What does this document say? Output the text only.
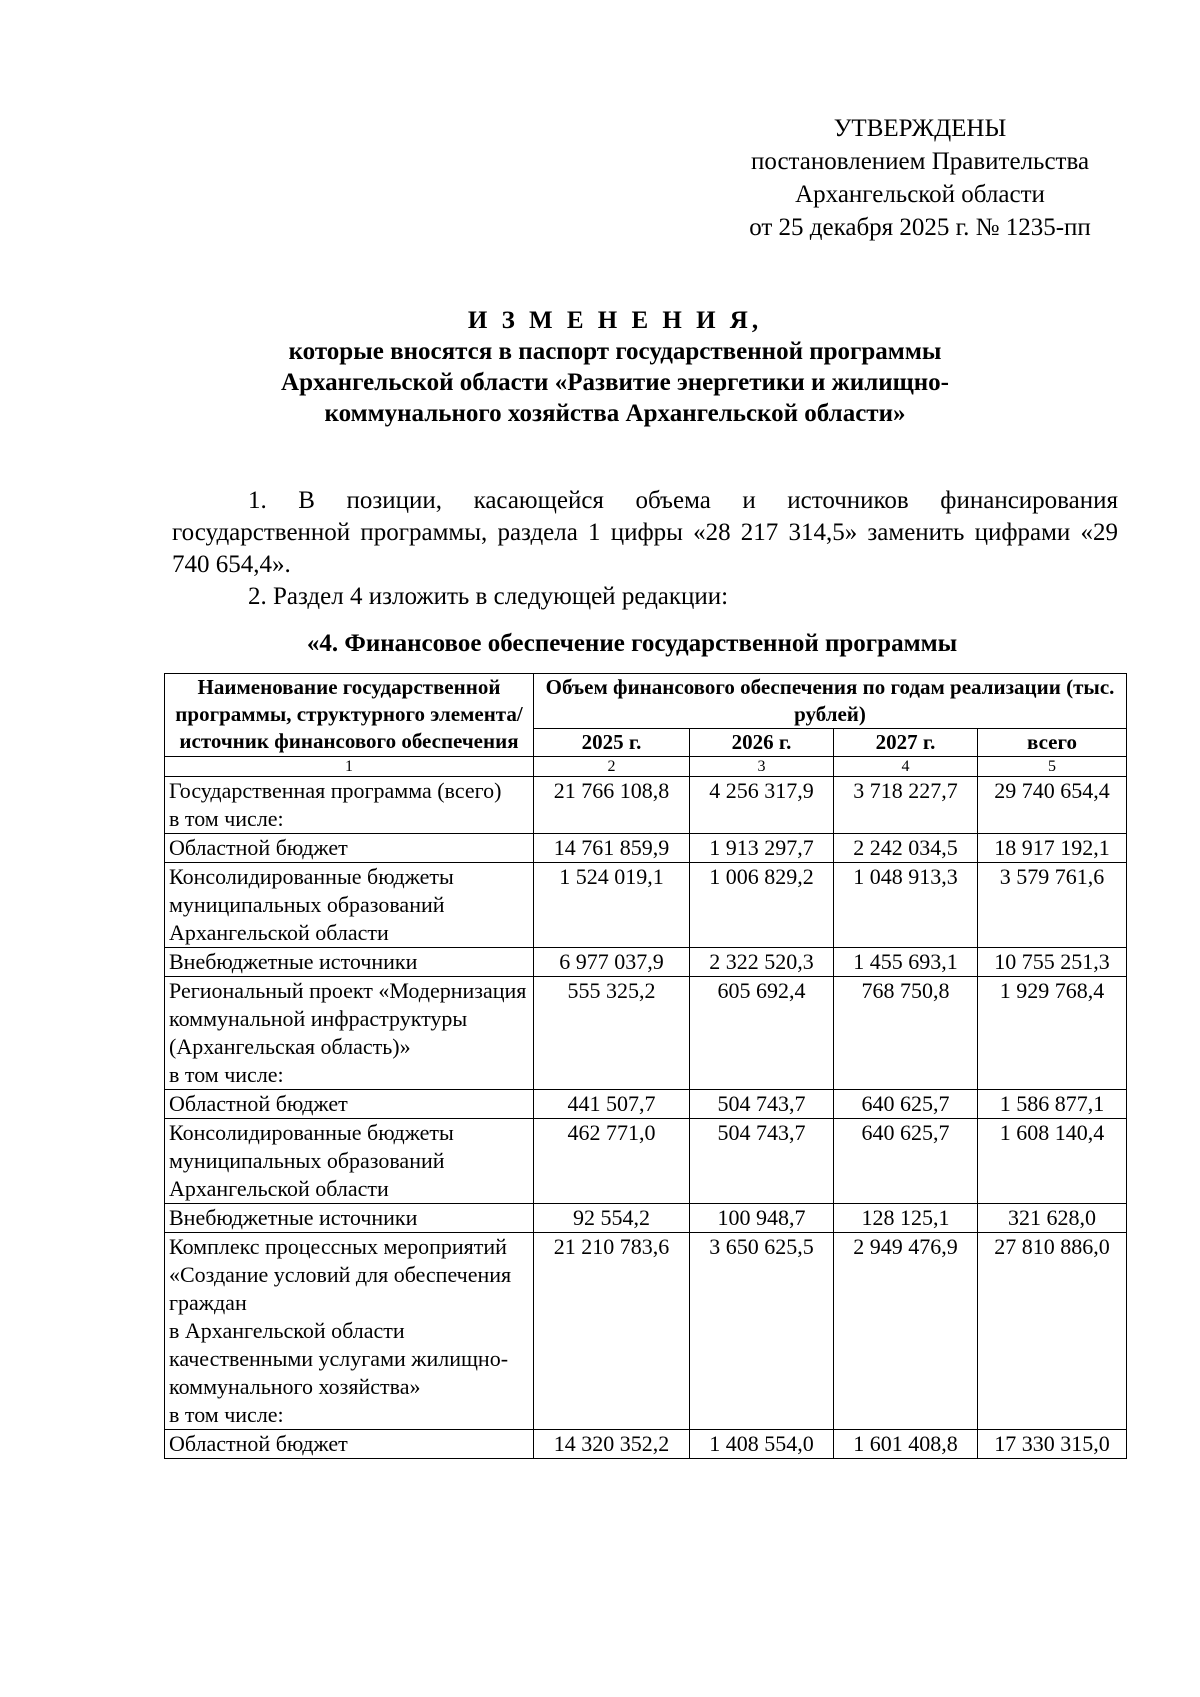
УТВЕРЖДЕНЫ
постановлением Правительства
Архангельской области
от 25 декабря 2025 г. № 1235-пп
И З М Е Н Е Н И Я,
которые вносятся в паспорт государственной программы
Архангельской области «Развитие энергетики и жилищно-
коммунального хозяйства Архангельской области»

1. В позиции, касающейся объема и источников финансирования государственной программы, раздела 1 цифры «28 217 314,5» заменить цифрами «29 740 654,4».

2. Раздел 4 изложить в следующей редакции:

«4. Финансовое обеспечение государственной программы
Наименование государственной программы, структурного элемента/источник финансового обеспечения	Объем финансового обеспечения по годам реализации (тыс. рублей)			
	2025 г.	2026 г.	2027 г.	всего
1	2	3	4	5
Государственная программа (всего)
в том числе:	21 766 108,8	4 256 317,9	3 718 227,7	29 740 654,4
Областной бюджет	14 761 859,9	1 913 297,7	2 242 034,5	18 917 192,1
Консолидированные бюджеты муниципальных образований Архангельской области	1 524 019,1	1 006 829,2	1 048 913,3	3 579 761,6
Внебюджетные источники	6 977 037,9	2 322 520,3	1 455 693,1	10 755 251,3
Региональный проект «Модернизация коммунальной инфраструктуры (Архангельская область)»
в том числе:	555 325,2	605 692,4	768 750,8	1 929 768,4
Областной бюджет	441 507,7	504 743,7	640 625,7	1 586 877,1
Консолидированные бюджеты муниципальных образований Архангельской области	462 771,0	504 743,7	640 625,7	1 608 140,4
Внебюджетные источники	92 554,2	100 948,7	128 125,1	321 628,0
Комплекс процессных мероприятий «Создание условий для обеспечения граждан
в Архангельской области качественными услугами жилищно-коммунального хозяйства»
в том числе:	21 210 783,6	3 650 625,5	2 949 476,9	27 810 886,0
Областной бюджет	14 320 352,2	1 408 554,0	1 601 408,8	17 330 315,0
